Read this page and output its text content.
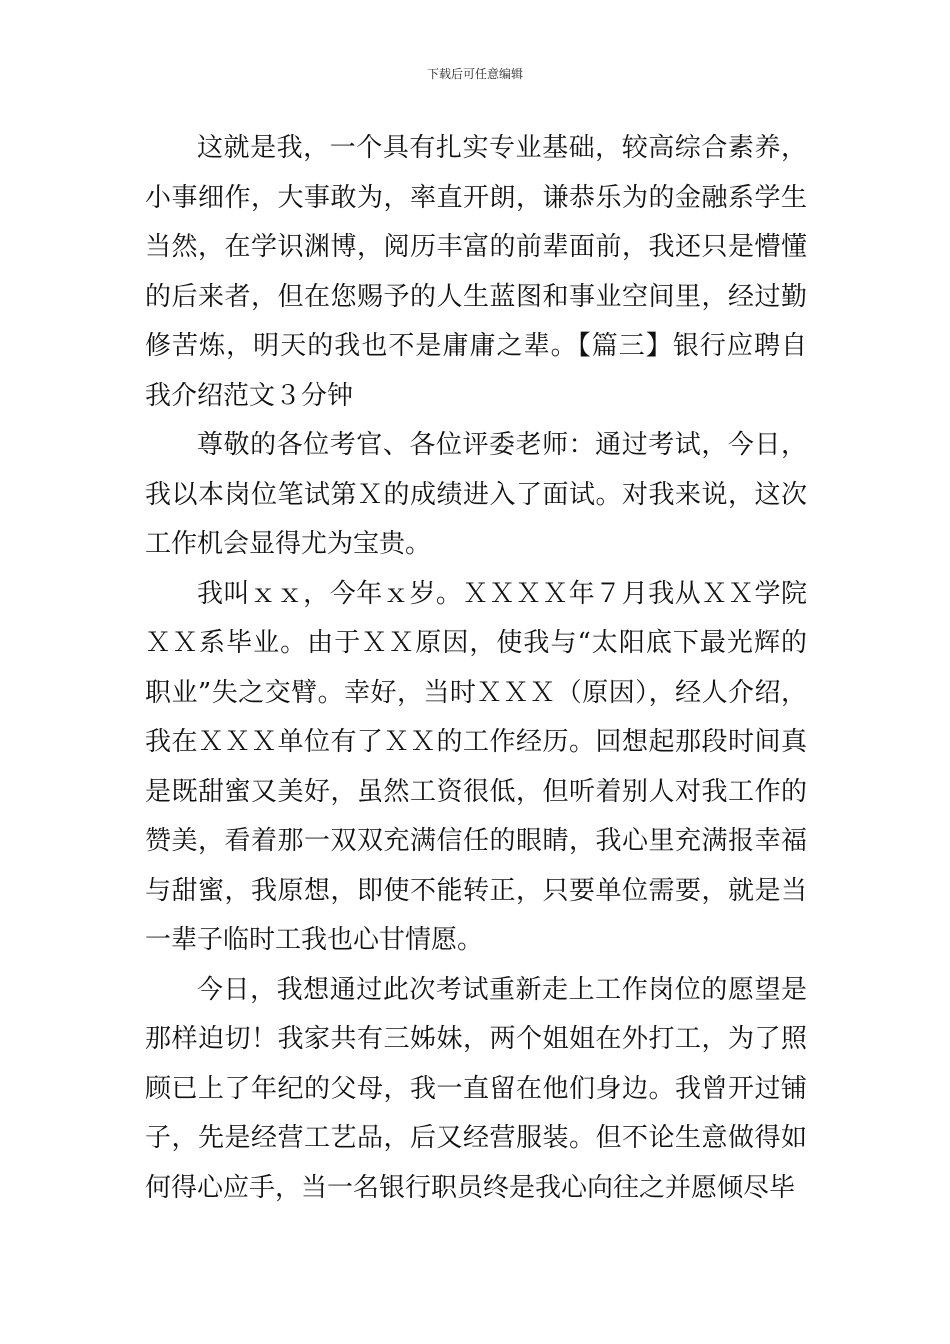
下载后可任意编辑

这就是我，一个具有扎实专业基础，较高综合素养，小事细作，大事敢为，率直开朗，谦恭乐为的金融系学生当然，在学识渊博，阅历丰富的前辈面前，我还只是懵懂的后来者，但在您赐予的人生蓝图和事业空间里，经过勤修苦炼，明天的我也不是庸庸之辈。【篇三】银行应聘自我介绍范文３分钟

尊敬的各位考官、各位评委老师：通过考试，今日，我以本岗位笔试第Ｘ的成绩进入了面试。对我来说，这次工作机会显得尤为宝贵。

我叫ｘｘ，今年ｘ岁。ＸＸＸＸ年７月我从ＸＸ学院ＸＸ系毕业。由于ＸＸ原因，使我与“太阳底下最光辉的职业”失之交臂。幸好，当时ＸＸＸ（原因），经人介绍，我在ＸＸＸ单位有了ＸＸ的工作经历。回想起那段时间真是既甜蜜又美好，虽然工资很低，但听着别人对我工作的赞美，看着那一双双充满信任的眼睛，我心里充满报幸福与甜蜜，我原想，即使不能转正，只要单位需要，就是当一辈子临时工我也心甘情愿。

今日，我想通过此次考试重新走上工作岗位的愿望是那样迫切！我家共有三姊妹，两个姐姐在外打工，为了照顾已上了年纪的父母，我一直留在他们身边。我曾开过铺子，先是经营工艺品，后又经营服装。但不论生意做得如何得心应手，当一名银行职员终是我心向往之并愿倾尽毕
